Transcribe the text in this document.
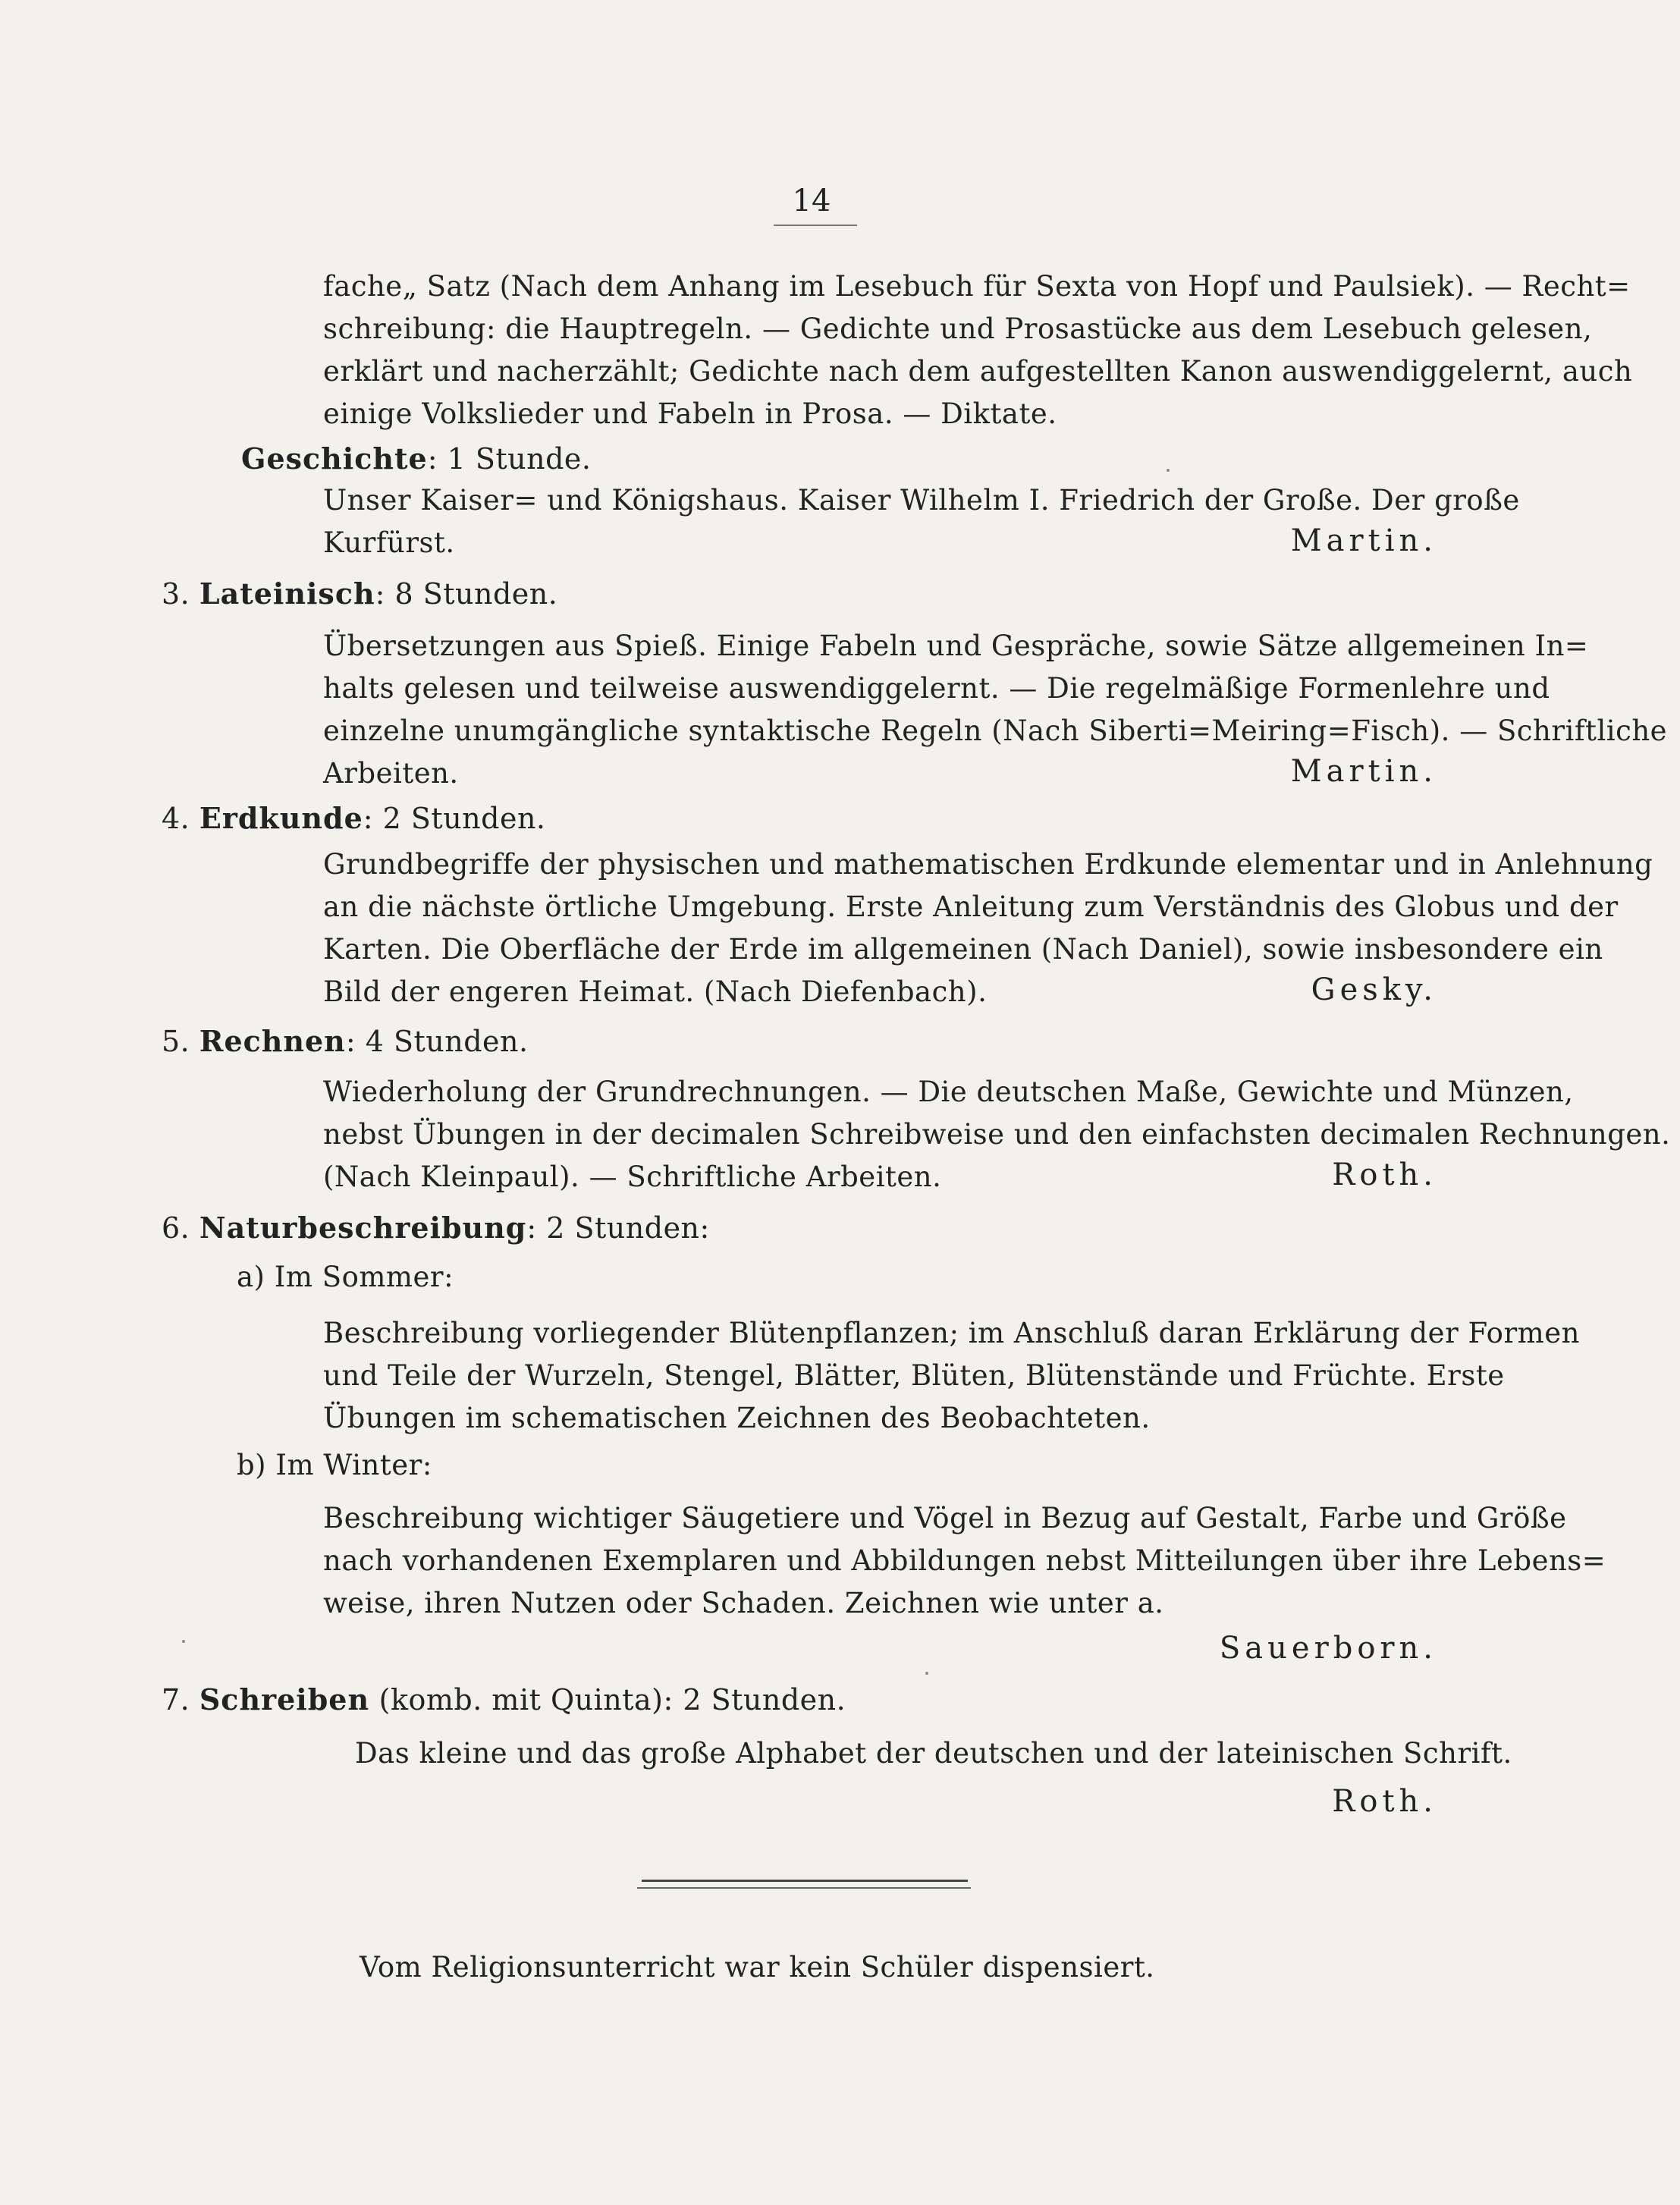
14
fache„ Satz (Nach dem Anhang im Lesebuch für Sexta von Hopf und Paulsiek). — Recht=
schreibung: die Hauptregeln. — Gedichte und Prosastücke aus dem Lesebuch gelesen,
erklärt und nacherzählt; Gedichte nach dem aufgestellten Kanon auswendiggelernt, auch
einige Volkslieder und Fabeln in Prosa. — Diktate.
Geschichte: 1 Stunde.
Unser Kaiser= und Königshaus. Kaiser Wilhelm I. Friedrich der Große. Der große
Kurfürst.	Martin.
3. Lateinisch: 8 Stunden.
Übersetzungen aus Spieß. Einige Fabeln und Gespräche, sowie Sätze allgemeinen In=
halts gelesen und teilweise auswendiggelernt. — Die regelmäßige Formenlehre und
einzelne unumgängliche syntaktische Regeln (Nach Siberti=Meiring=Fisch). — Schriftliche
Arbeiten.	Martin.
4. Erdkunde: 2 Stunden.
Grundbegriffe der physischen und mathematischen Erdkunde elementar und in Anlehnung
an die nächste örtliche Umgebung. Erste Anleitung zum Verständnis des Globus und der
Karten. Die Oberfläche der Erde im allgemeinen (Nach Daniel), sowie insbesondere ein
Bild der engeren Heimat. (Nach Diefenbach).	Gesky.
5. Rechnen: 4 Stunden.
Wiederholung der Grundrechnungen. — Die deutschen Maße, Gewichte und Münzen,
nebst Übungen in der decimalen Schreibweise und den einfachsten decimalen Rechnungen.
(Nach Kleinpaul). — Schriftliche Arbeiten.	Roth.
6. Naturbeschreibung: 2 Stunden:
a) Im Sommer:
Beschreibung vorliegender Blütenpflanzen; im Anschluß daran Erklärung der Formen
und Teile der Wurzeln, Stengel, Blätter, Blüten, Blütenstände und Früchte. Erste
Übungen im schematischen Zeichnen des Beobachteten.
b) Im Winter:
Beschreibung wichtiger Säugetiere und Vögel in Bezug auf Gestalt, Farbe und Größe
nach vorhandenen Exemplaren und Abbildungen nebst Mitteilungen über ihre Lebens=
weise, ihren Nutzen oder Schaden. Zeichnen wie unter a.
Sauerborn.
7. Schreiben (komb. mit Quinta): 2 Stunden.
Das kleine und das große Alphabet der deutschen und der lateinischen Schrift.
Roth.
Vom Religionsunterricht war kein Schüler dispensiert.
